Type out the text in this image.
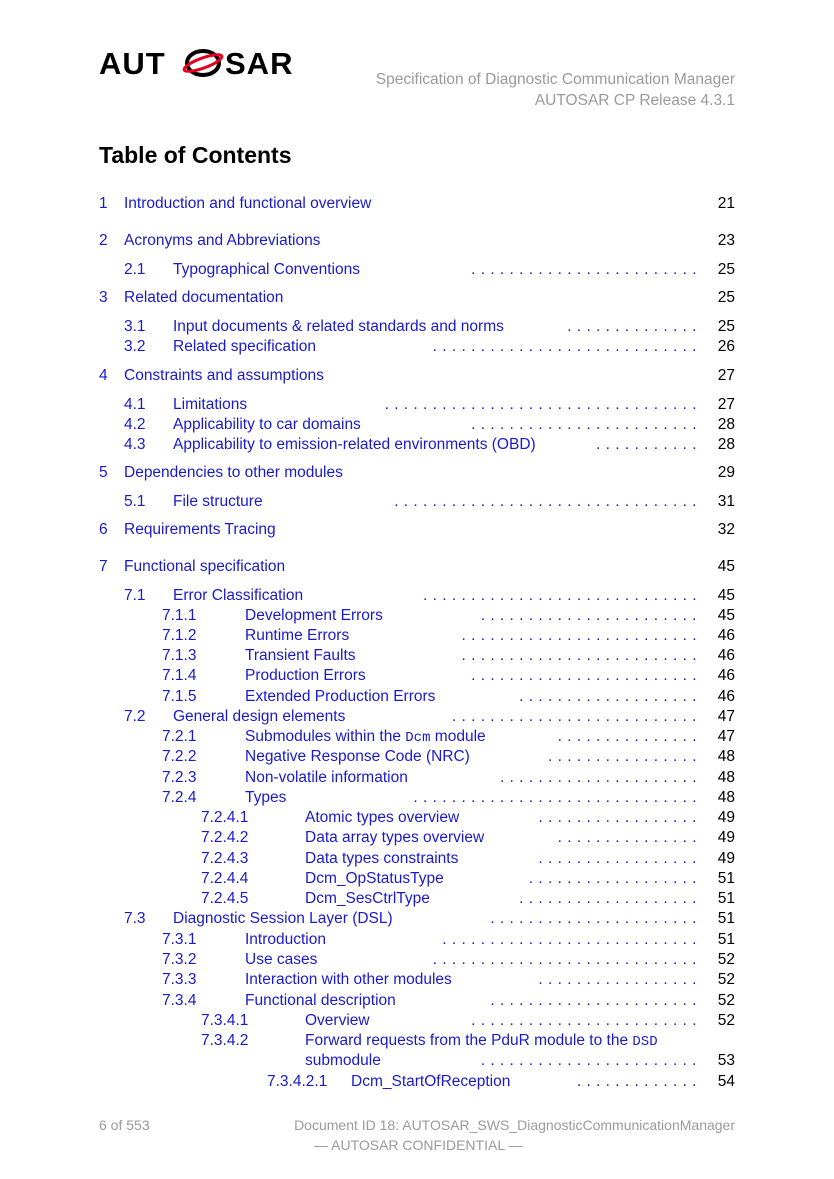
AUT SAR	Specification of Diagnostic Communication Manager
AUTOSAR CP Release 4.3.1
Table of Contents
1 Introduction and functional overview	21
2 Acronyms and Abbreviations	23
2.1 Typographical Conventions	25
. . . . . . . . . . . . . . . . . . . . . . . .
3 Related documentation	25
3.1 Input documents & related standards and norms	25
. . . . . . . . . . . . . .
3.2 Related specification	26
. . . . . . . . . . . . . . . . . . . . . . . . . . . .
4 Constraints and assumptions	27
4.1 Limitations	27
. . . . . . . . . . . . . . . . . . . . . . . . . . . . . . . . .
4.2 Applicability to car domains	28
. . . . . . . . . . . . . . . . . . . . . . . .
4.3 Applicability to emission-related environments (OBD)	28
. . . . . . . . . . .
5 Dependencies to other modules	29
5.1 File structure	31
. . . . . . . . . . . . . . . . . . . . . . . . . . . . . . . .
6 Requirements Tracing	32
7 Functional specification	45
7.1 Error Classification	45
. . . . . . . . . . . . . . . . . . . . . . . . . . . . .
7.1.1	Development Errors	45
. . . . . . . . . . . . . . . . . . . . . . .
7.1.2	Runtime Errors	46
. . . . . . . . . . . . . . . . . . . . . . . . .
7.1.3	Transient Faults	46
. . . . . . . . . . . . . . . . . . . . . . . . .
7.1.4	Production Errors	46
. . . . . . . . . . . . . . . . . . . . . . . .
7.1.5	Extended Production Errors	46
. . . . . . . . . . . . . . . . . . .
7.2 General design elements	47
. . . . . . . . . . . . . . . . . . . . . . . . . .
7.2.1	Submodules within the Dcm module	47
. . . . . . . . . . . . . . .
7.2.2	Negative Response Code (NRC)	48
. . . . . . . . . . . . . . . .
7.2.3	Non-volatile information	48
. . . . . . . . . . . . . . . . . . . . .
7.2.4	Types	48
. . . . . . . . . . . . . . . . . . . . . . . . . . . . . .
7.2.4.1	Atomic types overview	49
. . . . . . . . . . . . . . . . .
7.2.4.2	Data array types overview	49
. . . . . . . . . . . . . . .
7.2.4.3	Data types constraints	49
. . . . . . . . . . . . . . . . .
7.2.4.4	Dcm_OpStatusType	51
. . . . . . . . . . . . . . . . . .
7.2.4.5	Dcm_SesCtrlType	51
. . . . . . . . . . . . . . . . . . .
7.3 Diagnostic Session Layer (DSL)	51
. . . . . . . . . . . . . . . . . . . . . .
7.3.1	Introduction	51
. . . . . . . . . . . . . . . . . . . . . . . . . . .
7.3.2	Use cases	52
. . . . . . . . . . . . . . . . . . . . . . . . . . . .
7.3.3	Interaction with other modules	52
. . . . . . . . . . . . . . . . .
7.3.4	Functional description	52
. . . . . . . . . . . . . . . . . . . . . .
7.3.4.1	Overview	52
. . . . . . . . . . . . . . . . . . . . . . . .
7.3.4.2	Forward requests from the PduR module to the DSD
submodule	. . . . . . . . . . . . . . . . . . . . . . . 53
7.3.4.2.1 Dcm_StartOfReception	54
. . . . . . . . . . . . .
6 of 553	Document ID 18: AUTOSAR_SWS_DiagnosticCommunicationManager
— AUTOSAR CONFIDENTIAL —
